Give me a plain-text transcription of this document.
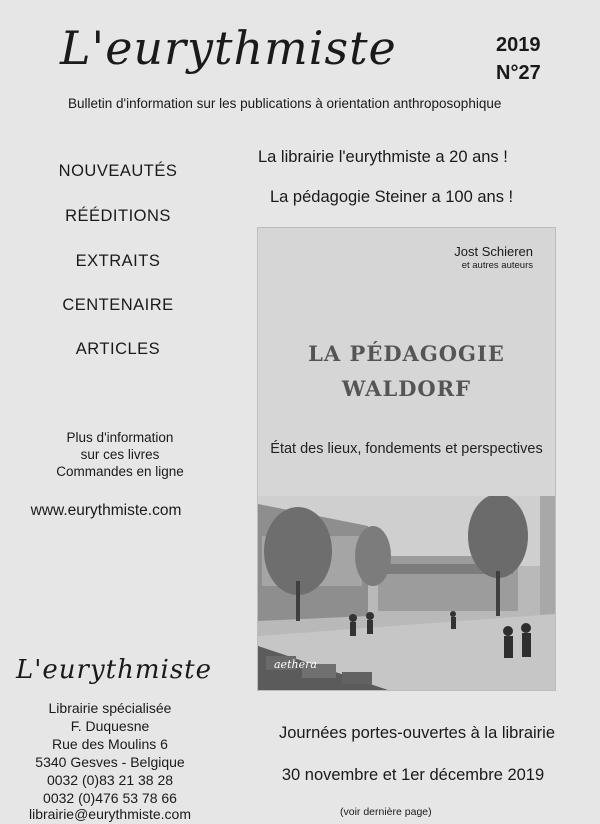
L'eurythmiste	2019
N°27
Bulletin d'information sur les publications à orientation anthroposophique
NOUVEAUTÉS
RÉÉDITIONS
EXTRAITS
CENTENAIRE
ARTICLES
Plus d'information
sur ces livres
Commandes en ligne
www.eurythmiste.com
La librairie l'eurythmiste a 20 ans !
La pédagogie Steiner a 100 ans !
Jost Schieren
et autres auteurs
LA PÉDAGOGIE
WALDORF
État des lieux, fondements et perspectives
aethera
L'eurythmiste
Librairie spécialisée
F. Duquesne
Rue des Moulins 6
5340 Gesves - Belgique
0032 (0)83 21 38 28
0032 (0)476 53 78 66
librairie@eurythmiste.com
Journées portes-ouvertes à la librairie
30 novembre et 1er décembre 2019
(voir dernière page)
